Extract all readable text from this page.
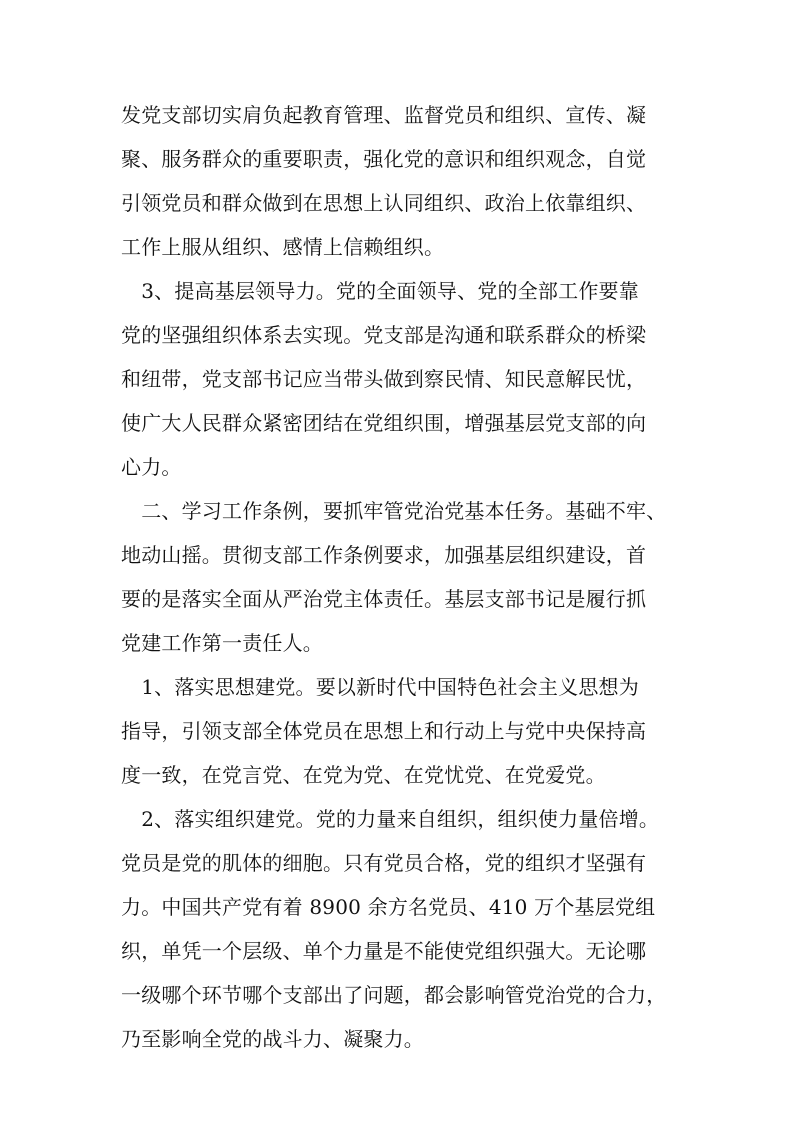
发党支部切实肩负起教育管理、监督党员和组织、宣传、凝
聚、服务群众的重要职责，强化党的意识和组织观念，自觉
引领党员和群众做到在思想上认同组织、政治上依靠组织、
工作上服从组织、感情上信赖组织。
　3、提高基层领导力。党的全面领导、党的全部工作要靠
党的坚强组织体系去实现。党支部是沟通和联系群众的桥梁
和纽带，党支部书记应当带头做到察民情、知民意解民忧，
使广大人民群众紧密团结在党组织围，增强基层党支部的向
心力。
　二、学习工作条例，要抓牢管党治党基本任务。基础不牢、
地动山摇。贯彻支部工作条例要求，加强基层组织建设，首
要的是落实全面从严治党主体责任。基层支部书记是履行抓
党建工作第一责任人。
　1、落实思想建党。要以新时代中国特色社会主义思想为
指导，引领支部全体党员在思想上和行动上与党中央保持高
度一致，在党言党、在党为党、在党忧党、在党爱党。
　2、落实组织建党。党的力量来自组织，组织使力量倍增。
党员是党的肌体的细胞。只有党员合格，党的组织才坚强有
力。中国共产党有着 8900 余方名党员、410 万个基层党组
织，单凭一个层级、单个力量是不能使党组织强大。无论哪
一级哪个环节哪个支部出了问题，都会影响管党治党的合力，
乃至影响全党的战斗力、凝聚力。
